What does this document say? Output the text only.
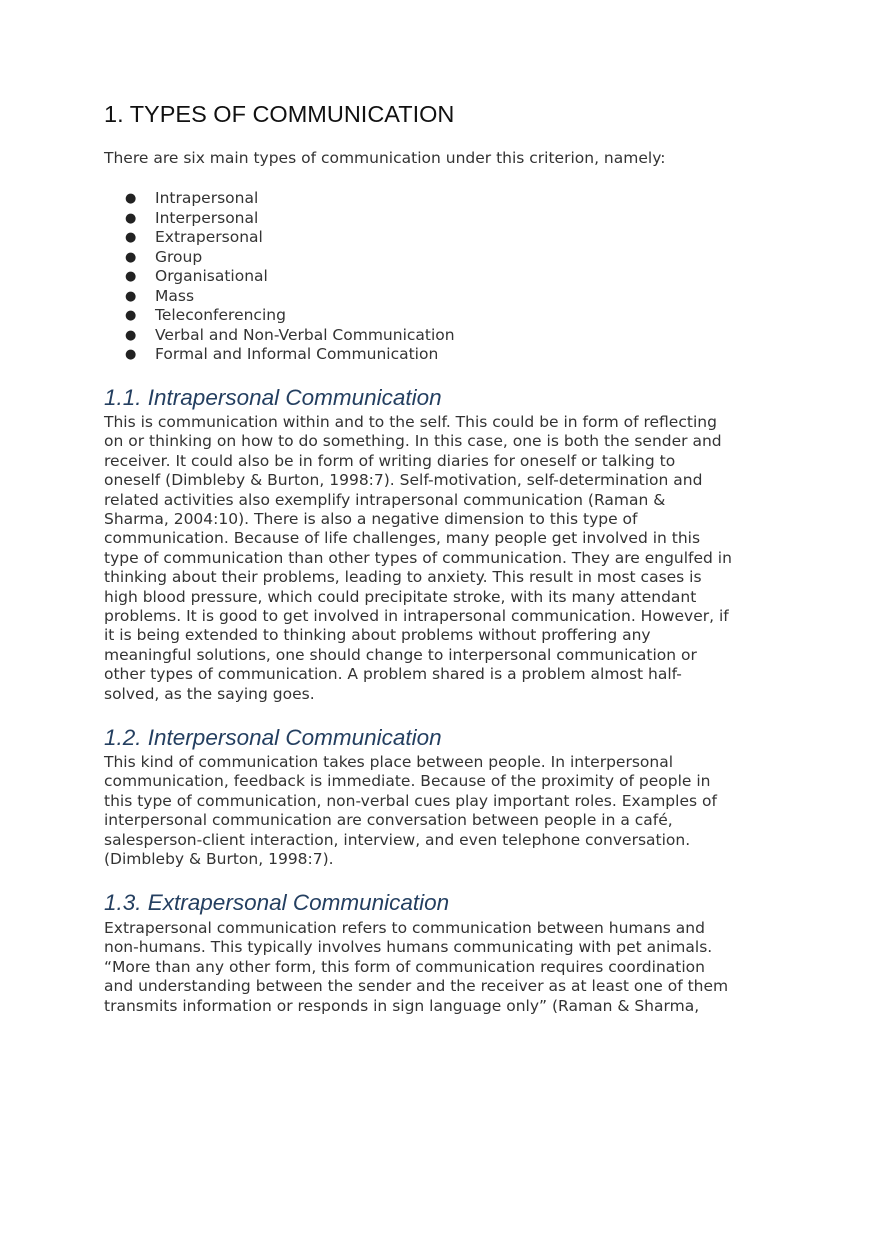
1. TYPES OF COMMUNICATION

There are six main types of communication under this criterion, namely:

● Intrapersonal
● Interpersonal
● Extrapersonal
● Group
● Organisational
● Mass
● Teleconferencing
● Verbal and Non-Verbal Communication
● Formal and Informal Communication
1.1. Intrapersonal Communication
This is communication within and to the self. This could be in form of reflecting
on or thinking on how to do something. In this case, one is both the sender and
receiver. It could also be in form of writing diaries for oneself or talking to
oneself (Dimbleby & Burton, 1998:7). Self-motivation, self-determination and
related activities also exemplify intrapersonal communication (Raman &
Sharma, 2004:10). There is also a negative dimension to this type of
communication. Because of life challenges, many people get involved in this
type of communication than other types of communication. They are engulfed in
thinking about their problems, leading to anxiety. This result in most cases is
high blood pressure, which could precipitate stroke, with its many attendant
problems. It is good to get involved in intrapersonal communication. However, if
it is being extended to thinking about problems without proffering any
meaningful solutions, one should change to interpersonal communication or
other types of communication. A problem shared is a problem almost half-
solved, as the saying goes.
1.2. Interpersonal Communication
This kind of communication takes place between people. In interpersonal
communication, feedback is immediate. Because of the proximity of people in
this type of communication, non-verbal cues play important roles. Examples of
interpersonal communication are conversation between people in a café,
salesperson-client interaction, interview, and even telephone conversation.
(Dimbleby & Burton, 1998:7).
1.3. Extrapersonal Communication
Extrapersonal communication refers to communication between humans and
non-humans. This typically involves humans communicating with pet animals.
“More than any other form, this form of communication requires coordination
and understanding between the sender and the receiver as at least one of them
transmits information or responds in sign language only” (Raman & Sharma,
